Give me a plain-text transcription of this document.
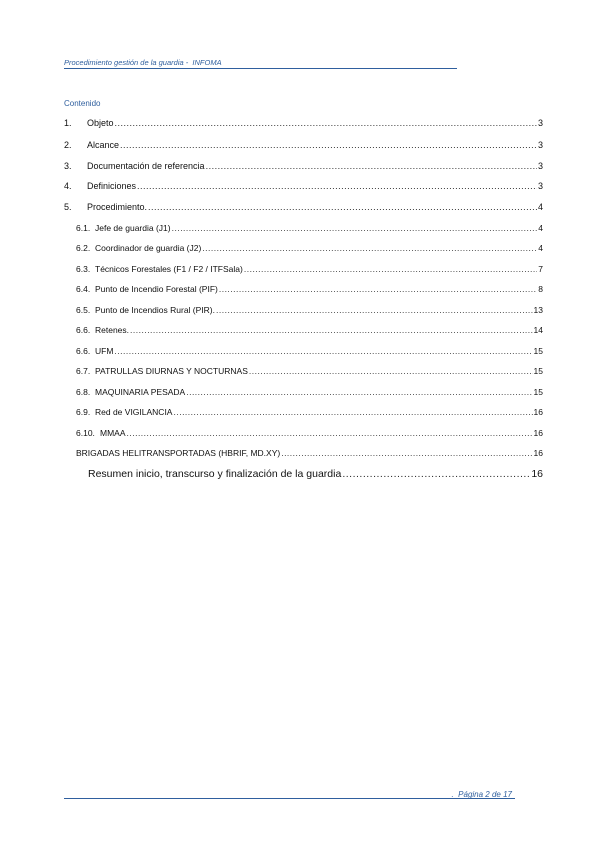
Procedimiento gestión de la guardia -  INFOMA
Contenido
1.	Objeto .....	3
2.	Alcance .....	3
3.	Documentación de referencia .....	3
4.	Definiciones .....	3
5.	Procedimiento. .....	4
6.1. Jefe de guardia (J1) .....	4
6.2. Coordinador de guardia (J2) .....	4
6.3. Técnicos Forestales (F1 / F2 / ITFSala) .....	7
6.4. Punto de Incendio Forestal (PIF) .....	8
6.5. Punto de Incendios Rural (PIR). .....	13
6.6. Retenes. .....	14
6.6. UFM .....	15
6.7. PATRULLAS DIURNAS Y NOCTURNAS .....	15
6.8. MAQUINARIA PESADA .....	15
6.9. Red de VIGILANCIA .....	16
6.10. MMAA .....	16
BRIGADAS HELITRANSPORTADAS (HBRIF, MD.XY) .....	16
Resumen inicio, transcurso y finalización de la guardia .....	16
.  Página 2 de 17
